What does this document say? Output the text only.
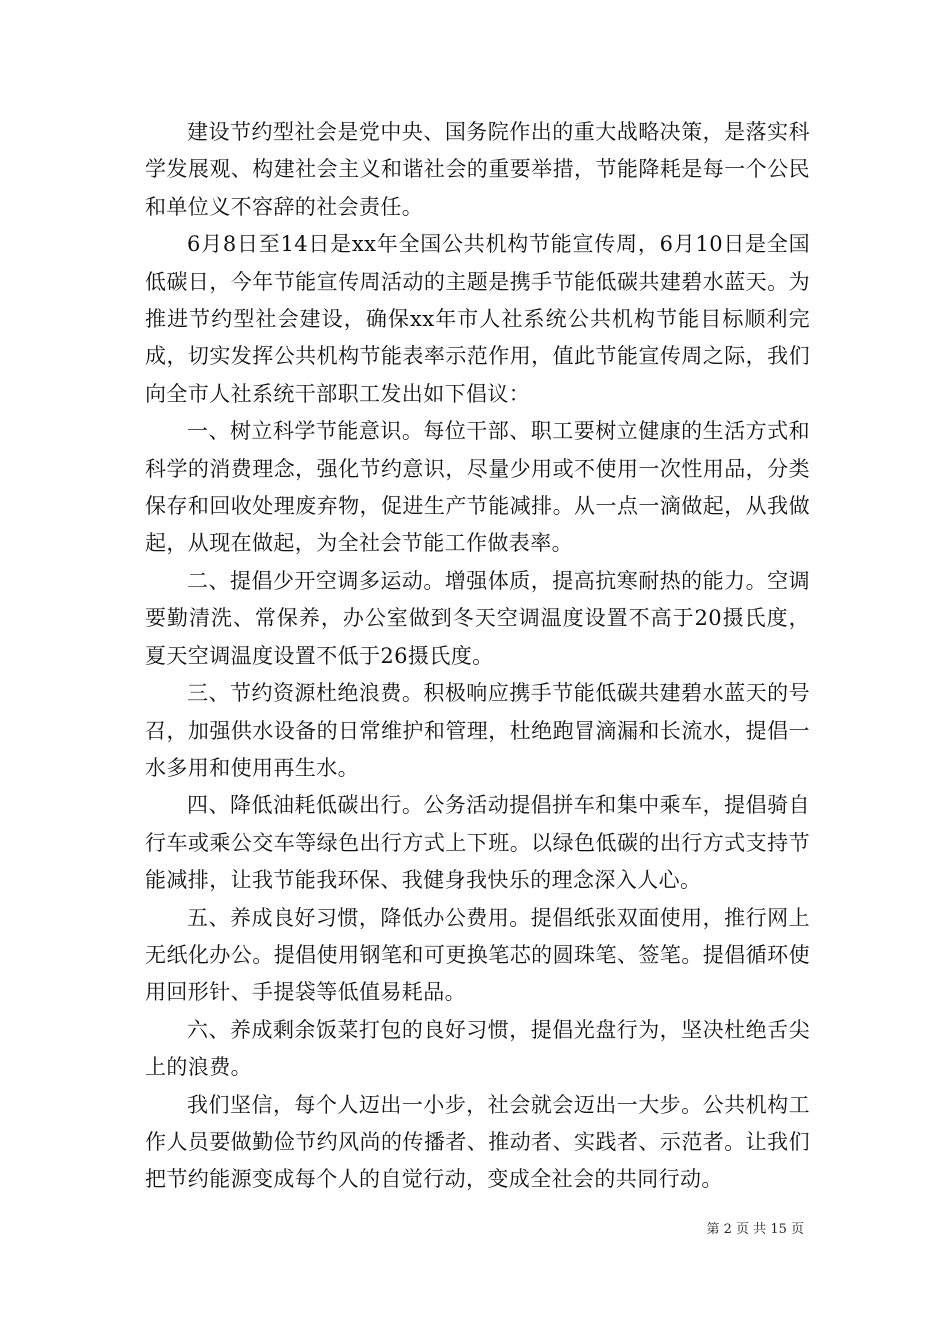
建设节约型社会是党中央、国务院作出的重大战略决策，是落实科学发展观、构建社会主义和谐社会的重要举措，节能降耗是每一个公民和单位义不容辞的社会责任。

6月8日至14日是xx年全国公共机构节能宣传周，6月10日是全国低碳日，今年节能宣传周活动的主题是携手节能低碳共建碧水蓝天。为推进节约型社会建设，确保xx年市人社系统公共机构节能目标顺利完成，切实发挥公共机构节能表率示范作用，值此节能宣传周之际，我们向全市人社系统干部职工发出如下倡议：

一、树立科学节能意识。每位干部、职工要树立健康的生活方式和科学的消费理念，强化节约意识，尽量少用或不使用一次性用品，分类保存和回收处理废弃物，促进生产节能减排。从一点一滴做起，从我做起，从现在做起，为全社会节能工作做表率。

二、提倡少开空调多运动。增强体质，提高抗寒耐热的能力。空调要勤清洗、常保养，办公室做到冬天空调温度设置不高于20摄氏度，夏天空调温度设置不低于26摄氏度。

三、节约资源杜绝浪费。积极响应携手节能低碳共建碧水蓝天的号召，加强供水设备的日常维护和管理，杜绝跑冒滴漏和长流水，提倡一水多用和使用再生水。

四、降低油耗低碳出行。公务活动提倡拼车和集中乘车，提倡骑自行车或乘公交车等绿色出行方式上下班。以绿色低碳的出行方式支持节能减排，让我节能我环保、我健身我快乐的理念深入人心。

五、养成良好习惯，降低办公费用。提倡纸张双面使用，推行网上无纸化办公。提倡使用钢笔和可更换笔芯的圆珠笔、签笔。提倡循环使用回形针、手提袋等低值易耗品。

六、养成剩余饭菜打包的良好习惯，提倡光盘行为，坚决杜绝舌尖上的浪费。

我们坚信，每个人迈出一小步，社会就会迈出一大步。公共机构工作人员要做勤俭节约风尚的传播者、推动者、实践者、示范者。让我们把节约能源变成每个人的自觉行动，变成全社会的共同行动。

第 2 页 共 15 页
